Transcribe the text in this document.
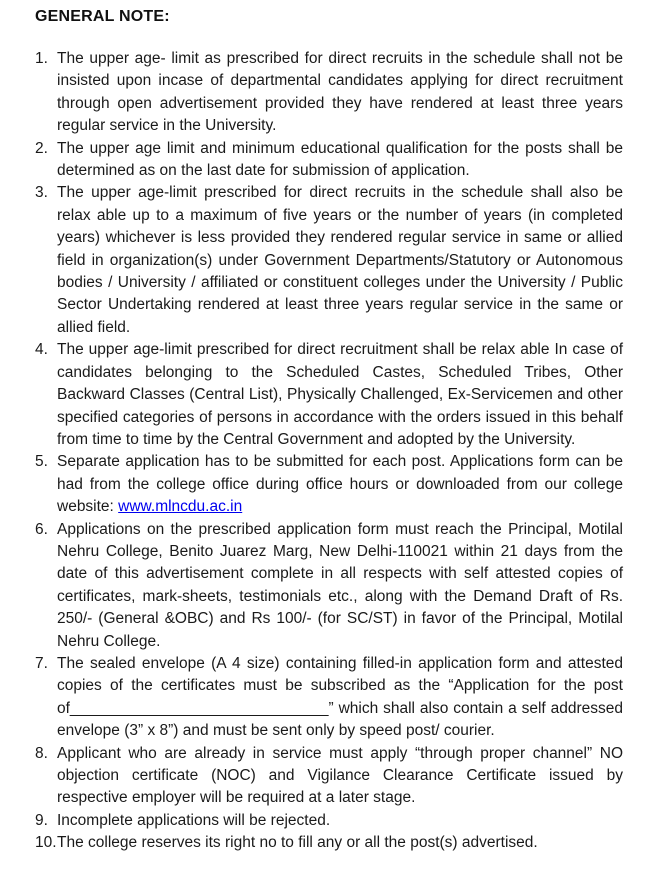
GENERAL NOTE:
1. The upper age- limit as prescribed for direct recruits in the schedule shall not be insisted upon incase of departmental candidates applying for direct recruitment through open advertisement provided they have rendered at least three years regular service in the University.
2. The upper age limit and minimum educational qualification for the posts shall be determined as on the last date for submission of application.
3. The upper age-limit prescribed for direct recruits in the schedule shall also be relax able up to a maximum of five years or the number of years (in completed years) whichever is less provided they rendered regular service in same or allied field in organization(s) under Government Departments/Statutory or Autonomous bodies / University / affiliated or constituent colleges under the University / Public Sector Undertaking rendered at least three years regular service in the same or allied field.
4. The upper age-limit prescribed for direct recruitment shall be relax able In case of candidates belonging to the Scheduled Castes, Scheduled Tribes, Other Backward Classes (Central List), Physically Challenged, Ex-Servicemen and other specified categories of persons in accordance with the orders issued in this behalf from time to time by the Central Government and adopted by the University.
5. Separate application has to be submitted for each post. Applications form can be had from the college office during office hours or downloaded from our college website: www.mlncdu.ac.in
6. Applications on the prescribed application form must reach the Principal, Motilal Nehru College, Benito Juarez Marg, New Delhi-110021 within 21 days from the date of this advertisement complete in all respects with self attested copies of certificates, mark-sheets, testimonials etc., along with the Demand Draft of Rs. 250/- (General &OBC) and Rs 100/- (for SC/ST) in favor of the Principal, Motilal Nehru College.
7. The sealed envelope (A 4 size) containing filled-in application form and attested copies of the certificates must be subscribed as the “Application for the post of______________________________” which shall also contain a self addressed envelope (3” x 8”) and must be sent only by speed post/ courier.
8. Applicant who are already in service must apply “through proper channel” NO objection certificate (NOC) and Vigilance Clearance Certificate issued by respective employer will be required at a later stage.
9. Incomplete applications will be rejected.
10. The college reserves its right no to fill any or all the post(s) advertised.
